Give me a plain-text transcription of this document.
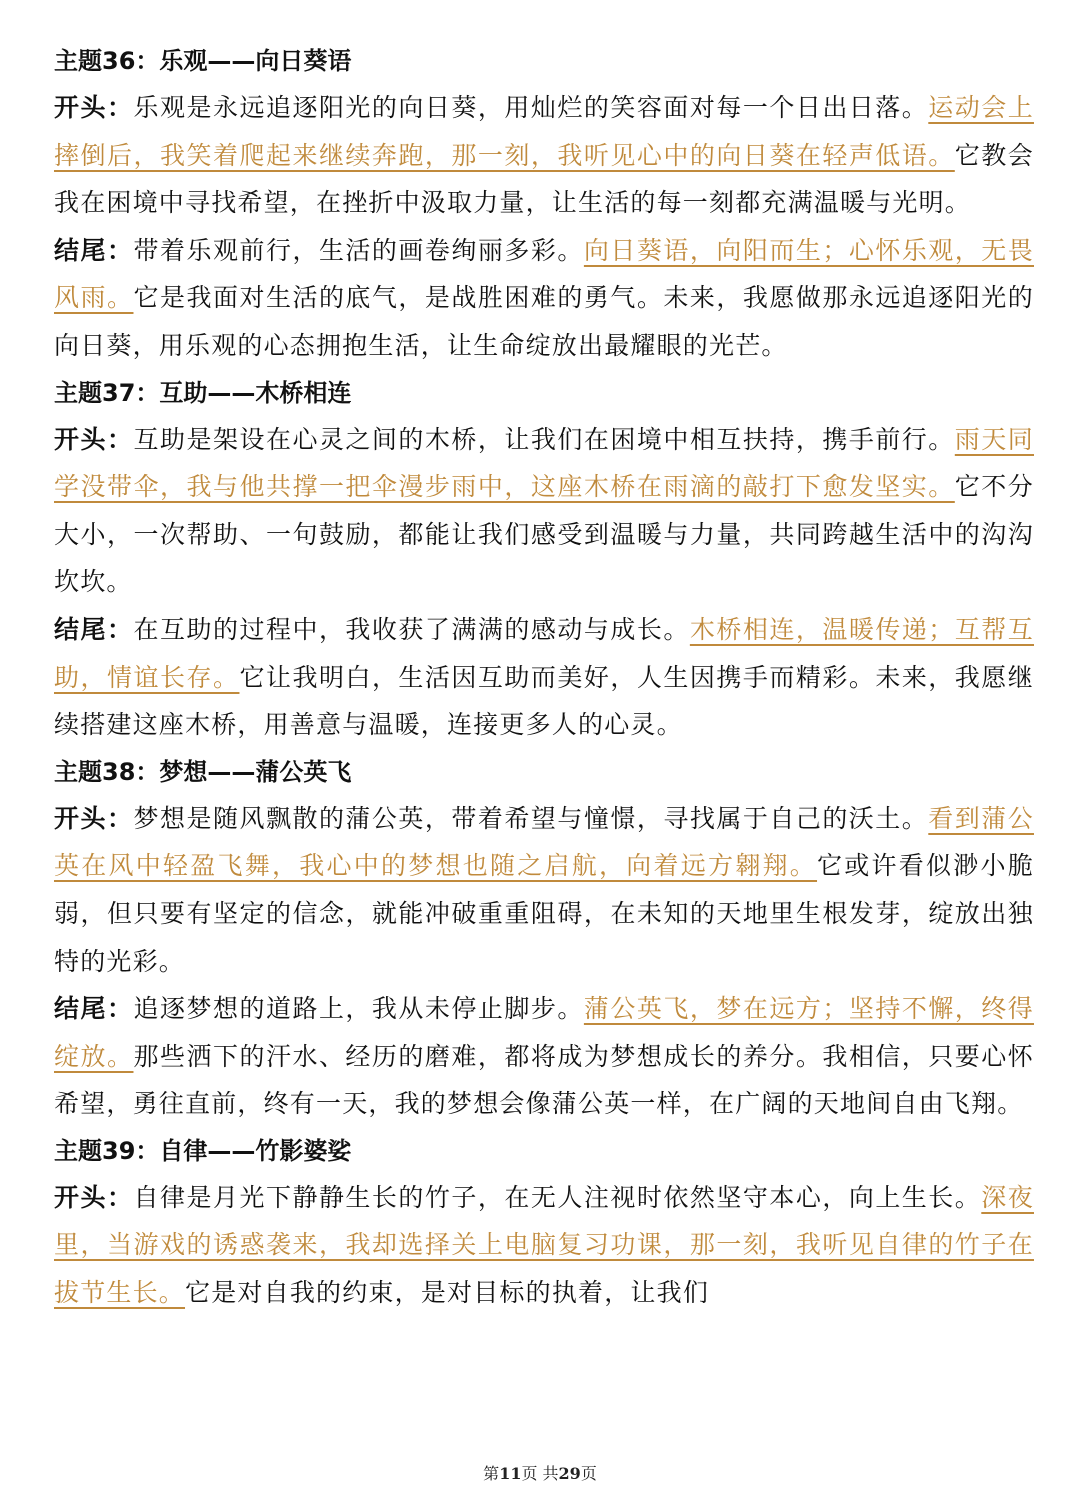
主题36：乐观——向日葵语

开头：乐观是永远追逐阳光的向日葵，用灿烂的笑容面对每一个日出日落。运动会上摔倒后，我笑着爬起来继续奔跑，那一刻，我听见心中的向日葵在轻声低语。它教会我在困境中寻找希望，在挫折中汲取力量，让生活的每一刻都充满温暖与光明。

结尾：带着乐观前行，生活的画卷绚丽多彩。向日葵语，向阳而生；心怀乐观，无畏风雨。它是我面对生活的底气，是战胜困难的勇气。未来，我愿做那永远追逐阳光的向日葵，用乐观的心态拥抱生活，让生命绽放出最耀眼的光芒。

主题37：互助——木桥相连

开头：互助是架设在心灵之间的木桥，让我们在困境中相互扶持，携手前行。雨天同学没带伞，我与他共撑一把伞漫步雨中，这座木桥在雨滴的敲打下愈发坚实。它不分大小，一次帮助、一句鼓励，都能让我们感受到温暖与力量，共同跨越生活中的沟沟坎坎。

结尾：在互助的过程中，我收获了满满的感动与成长。木桥相连，温暖传递；互帮互助，情谊长存。它让我明白，生活因互助而美好，人生因携手而精彩。未来，我愿继续搭建这座木桥，用善意与温暖，连接更多人的心灵。

主题38：梦想——蒲公英飞

开头：梦想是随风飘散的蒲公英，带着希望与憧憬，寻找属于自己的沃土。看到蒲公英在风中轻盈飞舞，我心中的梦想也随之启航，向着远方翱翔。它或许看似渺小脆弱，但只要有坚定的信念，就能冲破重重阻碍，在未知的天地里生根发芽，绽放出独特的光彩。

结尾：追逐梦想的道路上，我从未停止脚步。蒲公英飞，梦在远方；坚持不懈，终得绽放。那些洒下的汗水、经历的磨难，都将成为梦想成长的养分。我相信，只要心怀希望，勇往直前，终有一天，我的梦想会像蒲公英一样，在广阔的天地间自由飞翔。

主题39：自律——竹影婆娑

开头：自律是月光下静静生长的竹子，在无人注视时依然坚守本心，向上生长。深夜里，当游戏的诱惑袭来，我却选择关上电脑复习功课，那一刻，我听见自律的竹子在拔节生长。它是对自我的约束，是对目标的执着，让我们

第11页 共29页
